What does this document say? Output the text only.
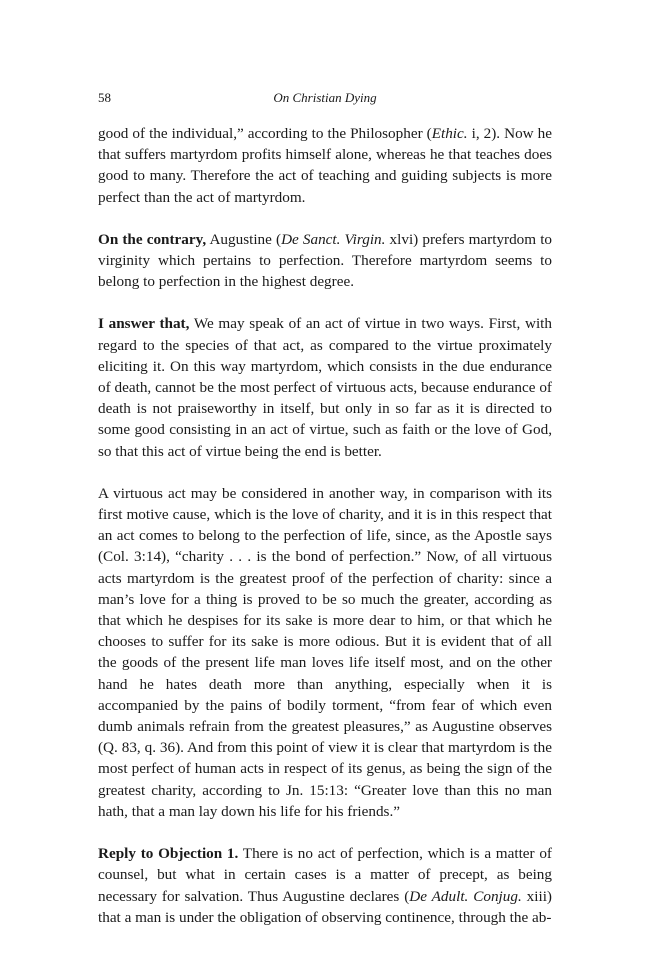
58	On Christian Dying

good of the individual,” according to the Philosopher (Ethic. i, 2). Now he that suffers martyrdom profits himself alone, whereas he that teaches does good to many. Therefore the act of teaching and guiding subjects is more perfect than the act of martyrdom.

On the contrary, Augustine (De Sanct. Virgin. xlvi) prefers martyrdom to virginity which pertains to perfection. Therefore martyrdom seems to belong to perfection in the highest degree.

I answer that, We may speak of an act of virtue in two ways. First, with regard to the species of that act, as compared to the virtue proximately eliciting it. On this way martyrdom, which consists in the due endurance of death, cannot be the most perfect of virtuous acts, because endurance of death is not praiseworthy in itself, but only in so far as it is directed to some good consisting in an act of virtue, such as faith or the love of God, so that this act of virtue being the end is better.

A virtuous act may be considered in another way, in comparison with its first motive cause, which is the love of charity, and it is in this respect that an act comes to belong to the perfection of life, since, as the Apostle says (Col. 3:14), “charity . . . is the bond of perfection.” Now, of all virtuous acts martyrdom is the greatest proof of the perfection of charity: since a man’s love for a thing is proved to be so much the greater, according as that which he despises for its sake is more dear to him, or that which he chooses to suffer for its sake is more odious. But it is evident that of all the goods of the present life man loves life itself most, and on the other hand he hates death more than anything, especially when it is accompanied by the pains of bodily torment, “from fear of which even dumb animals refrain from the greatest pleasures,” as Augustine observes (Q. 83, q. 36). And from this point of view it is clear that martyrdom is the most perfect of human acts in respect of its genus, as being the sign of the greatest charity, according to Jn. 15:13: “Greater love than this no man hath, that a man lay down his life for his friends.”

Reply to Objection 1. There is no act of perfection, which is a matter of counsel, but what in certain cases is a matter of precept, as being necessary for salvation. Thus Augustine declares (De Adult. Conjug. xiii) that a man is under the obligation of observing continence, through the ab-
